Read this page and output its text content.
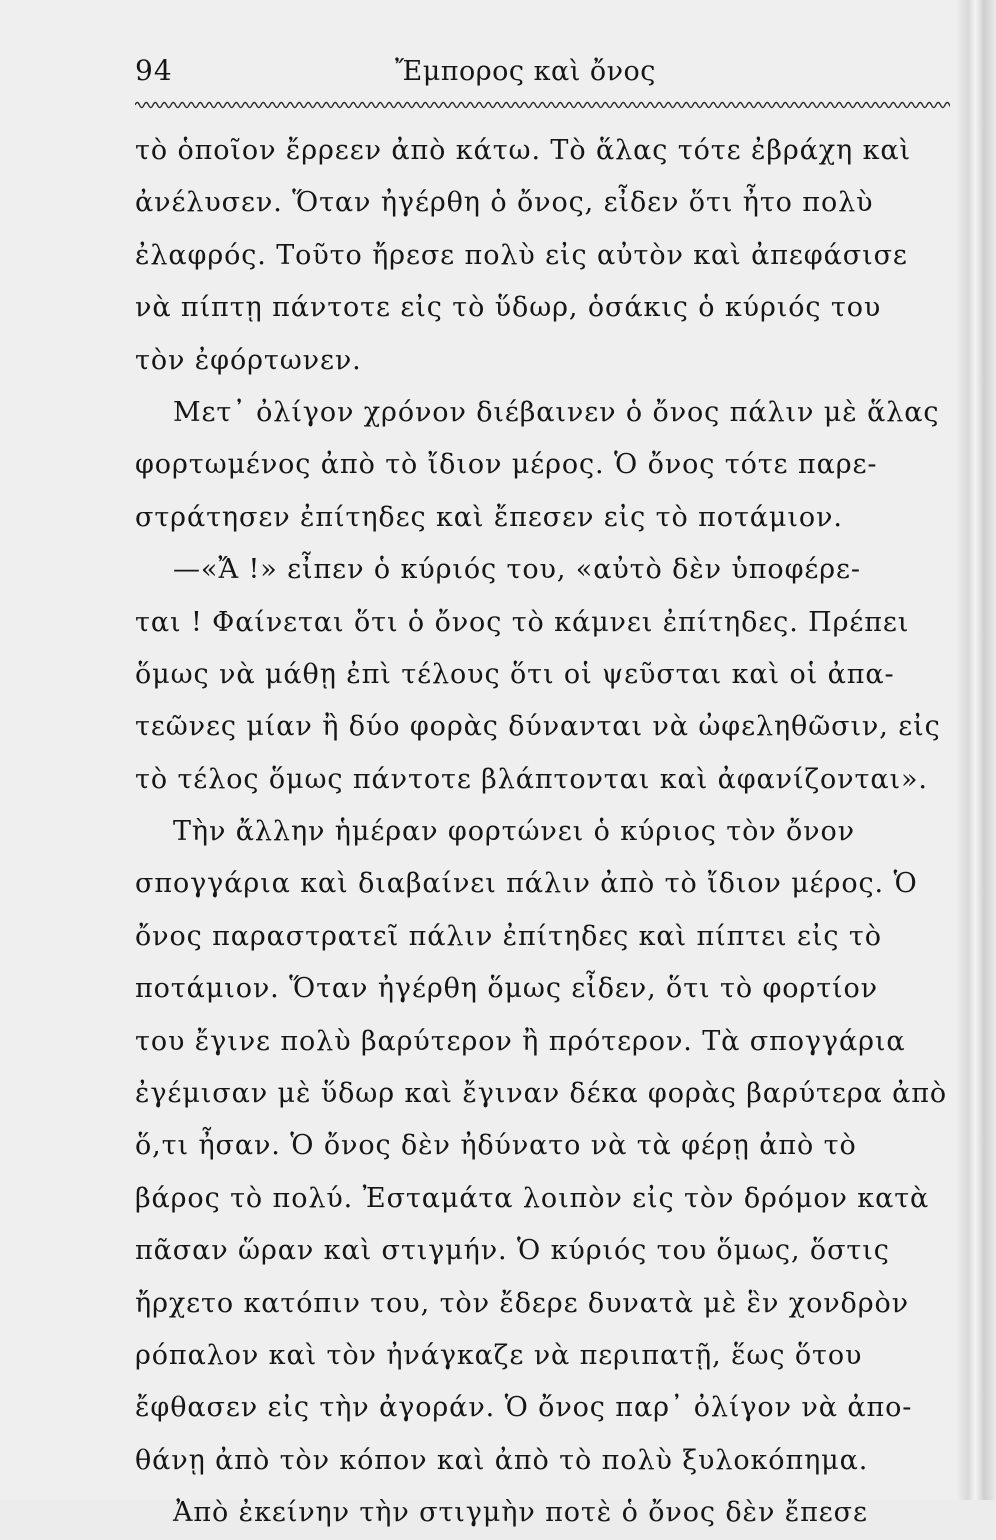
94	Ἔμπορος καὶ ὄνος
τὸ ὁποῖον ἔρρεεν ἀπὸ κάτω. Τὸ ἅλας τότε ἐβράχη καὶ
ἀνέλυσεν. Ὅταν ἠγέρθη ὁ ὄνος, εἶδεν ὅτι ἦτο πολὺ
ἐλαφρός. Τοῦτο ἤρεσε πολὺ εἰς αὐτὸν καὶ ἀπεφάσισε
νὰ πίπτῃ πάντοτε εἰς τὸ ὕδωρ, ὁσάκις ὁ κύριός του
τὸν ἐφόρτωνεν.
Μετ᾿ ὀλίγον χρόνον διέβαινεν ὁ ὄνος πάλιν μὲ ἅλας
φορτωμένος ἀπὸ τὸ ἴδιον μέρος. Ὁ ὄνος τότε παρε-
στράτησεν ἐπίτηδες καὶ ἔπεσεν εἰς τὸ ποτάμιον.
—«Ἄ !» εἶπεν ὁ κύριός του, «αὐτὸ δὲν ὑποφέρε-
ται ! Φαίνεται ὅτι ὁ ὄνος τὸ κάμνει ἐπίτηδες. Πρέπει
ὅμως νὰ μάθῃ ἐπὶ τέλους ὅτι οἱ ψεῦσται καὶ οἱ ἀπα-
τεῶνες μίαν ἢ δύο φορὰς δύνανται νὰ ὠφεληθῶσιν, εἰς
τὸ τέλος ὅμως πάντοτε βλάπτονται καὶ ἀφανίζονται».
Τὴν ἄλλην ἡμέραν φορτώνει ὁ κύριος τὸν ὄνον
σπογγάρια καὶ διαβαίνει πάλιν ἀπὸ τὸ ἴδιον μέρος. Ὁ
ὄνος παραστρατεῖ πάλιν ἐπίτηδες καὶ πίπτει εἰς τὸ
ποτάμιον. Ὅταν ἠγέρθη ὅμως εἶδεν, ὅτι τὸ φορτίον
του ἔγινε πολὺ βαρύτερον ἢ πρότερον. Τὰ σπογγάρια
ἐγέμισαν μὲ ὕδωρ καὶ ἔγιναν δέκα φορὰς βαρύτερα ἀπὸ
ὅ,τι ἦσαν. Ὁ ὄνος δὲν ἠδύνατο νὰ τὰ φέρῃ ἀπὸ τὸ
βάρος τὸ πολύ. Ἐσταμάτα λοιπὸν εἰς τὸν δρόμον κατὰ
πᾶσαν ὥραν καὶ στιγμήν. Ὁ κύριός του ὅμως, ὅστις
ἤρχετο κατόπιν του, τὸν ἔδερε δυνατὰ μὲ ἓν χονδρὸν
ρόπαλον καὶ τὸν ἠνάγκαζε νὰ περιπατῇ, ἕως ὅτου
ἔφθασεν εἰς τὴν ἀγοράν. Ὁ ὄνος παρ᾿ ὀλίγον νὰ ἀπο-
θάνῃ ἀπὸ τὸν κόπον καὶ ἀπὸ τὸ πολὺ ξυλοκόπημα.
Ἀπὸ ἐκείνην τὴν στιγμὴν ποτὲ ὁ ὄνος δὲν ἔπεσε
